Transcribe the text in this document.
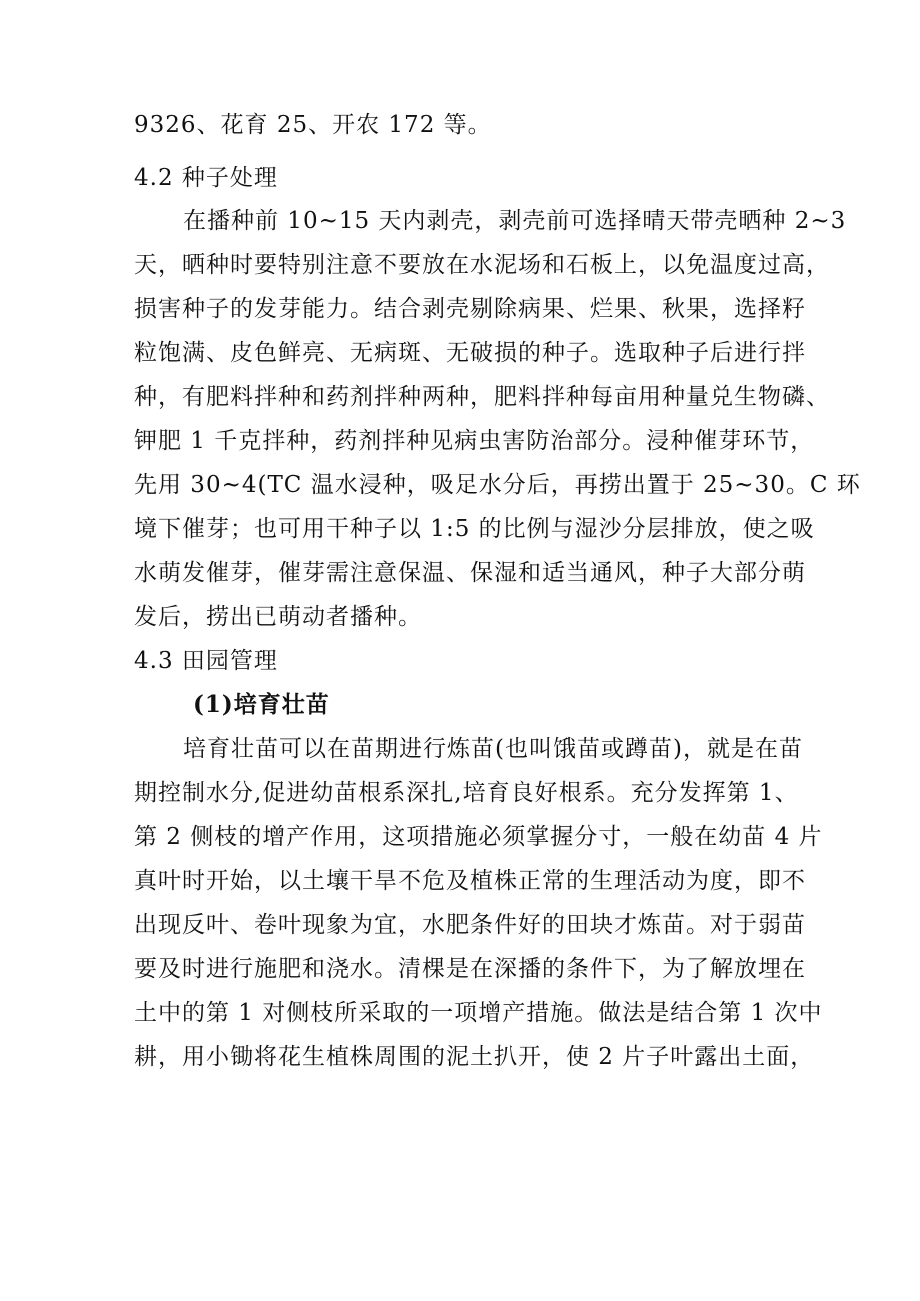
9326、花育 25、开农 172 等。
4.2 种子处理
在播种前 10~15 天内剥壳，剥壳前可选择晴天带壳晒种 2~3
天，晒种时要特别注意不要放在水泥场和石板上，以免温度过高，
损害种子的发芽能力。结合剥壳剔除病果、烂果、秋果，选择籽
粒饱满、皮色鲜亮、无病斑、无破损的种子。选取种子后进行拌
种，有肥料拌种和药剂拌种两种，肥料拌种每亩用种量兑生物磷、
钾肥 1 千克拌种，药剂拌种见病虫害防治部分。浸种催芽环节，
先用 30~4(TC 温水浸种，吸足水分后，再捞出置于 25~30。C 环
境下催芽；也可用干种子以 1:5 的比例与湿沙分层排放，使之吸
水萌发催芽，催芽需注意保温、保湿和适当通风，种子大部分萌
发后，捞出已萌动者播种。
4.3 田园管理
(1)培育壮苗
培育壮苗可以在苗期进行炼苗(也叫饿苗或蹲苗)，就是在苗
期控制水分,促进幼苗根系深扎,培育良好根系。充分发挥第 1、
第 2 侧枝的增产作用，这项措施必须掌握分寸，一般在幼苗 4 片
真叶时开始，以土壤干旱不危及植株正常的生理活动为度，即不
出现反叶、卷叶现象为宜，水肥条件好的田块才炼苗。对于弱苗
要及时进行施肥和浇水。清棵是在深播的条件下，为了解放埋在
土中的第 1 对侧枝所采取的一项增产措施。做法是结合第 1 次中
耕，用小锄将花生植株周围的泥土扒开，使 2 片子叶露出土面，
